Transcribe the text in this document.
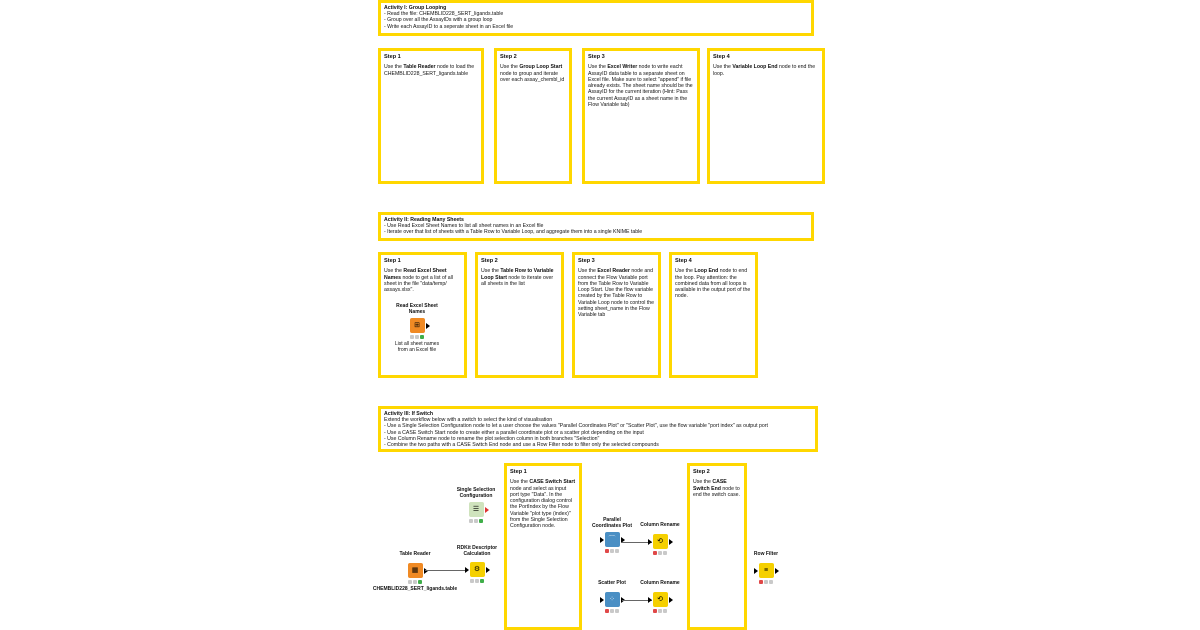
Activity I: Group Looping
- Read the file: CHEMBLID228_SERT_ligands.table
- Group over all the AssayIDs with a group loop
- Write each AssayID to a seperate sheet in an Excel file
Step 1
Use the Table Reader node to load the CHEMBLID228_SERT_ligands.table
Step 2
Use the Group Loop Start node to group and iterate over each assay_chembl_id
Step 3
Use the Excel Writer node to write eacht AssayID data table to a separate sheet on Excel file. Make sure to select "append" if file already exists. The sheet name should be the AssayID for the current iteration (Hint: Pass the current AssayID as a sheet name in the Flow Variable tab)
Step 4
Use the Variable Loop End node to end the loop.
Activity II: Reading Many Sheets
- Use Read Excel Sheet Names to list all sheet names in an Excel file
- Iterate over that list of sheets with a Table Row to Variable Loop, and aggregate them into a single KNIME table
Step 1
Use the Read Excel Sheet Names node to get a list of all sheet in the file "data/temp/ assays.xlsx".
Step 2
Use the Table Row to Variable Loop Start node to iterate over all sheets in the list
Step 3
Use the Excel Reader node and connect the Flow Variable port from the Table Row to Variable Loop Start. Use the flow variable created by the Table Row to Variable Loop node to control the setting sheet_name in the Flow Variable tab
Step 4
Use the Loop End node to end the loop. Pay attention: the combined data from all loops is available in the output port of the node.
Read Excel Sheet Names
⊞
List all sheet names from an Excel file
Activity III: If Switch
Extend the workflow below with a switch to select the kind of visualisation
- Use a Single Selection Configuration node to let a user choose the values "Parallel Coordinates Plot" or "Scatter Plot", use the flow variable "port index" as output port
- Use a CASE Switch Start node to create either a parallel coordinate plot or a scatter plot depending on the input
- Use Column Rename node to rename the plot selection column in both branches "Selection"
- Combine the two paths with a CASE Switch End node and use a Row Filter node to filter only the selected compounds
Step 1
Use the CASE Switch Start node and select as input port type "Data". In the configuration dialog control the PortIndex by the Flow Variable "plot type (index)" from the Single Selection Configuration node.
Step 2
Use the CASE Switch End node to end the switch case.
Single Selection Configuration
☰
Table Reader
▦
CHEMBLID228_SERT_ligands.table
RDKit Descriptor Calculation
⚙
Parallel Coordinates Plot
⌒
Column Rename
⟲
Scatter Plot
⁘
Column Rename
⟲
Row Filter
≡
